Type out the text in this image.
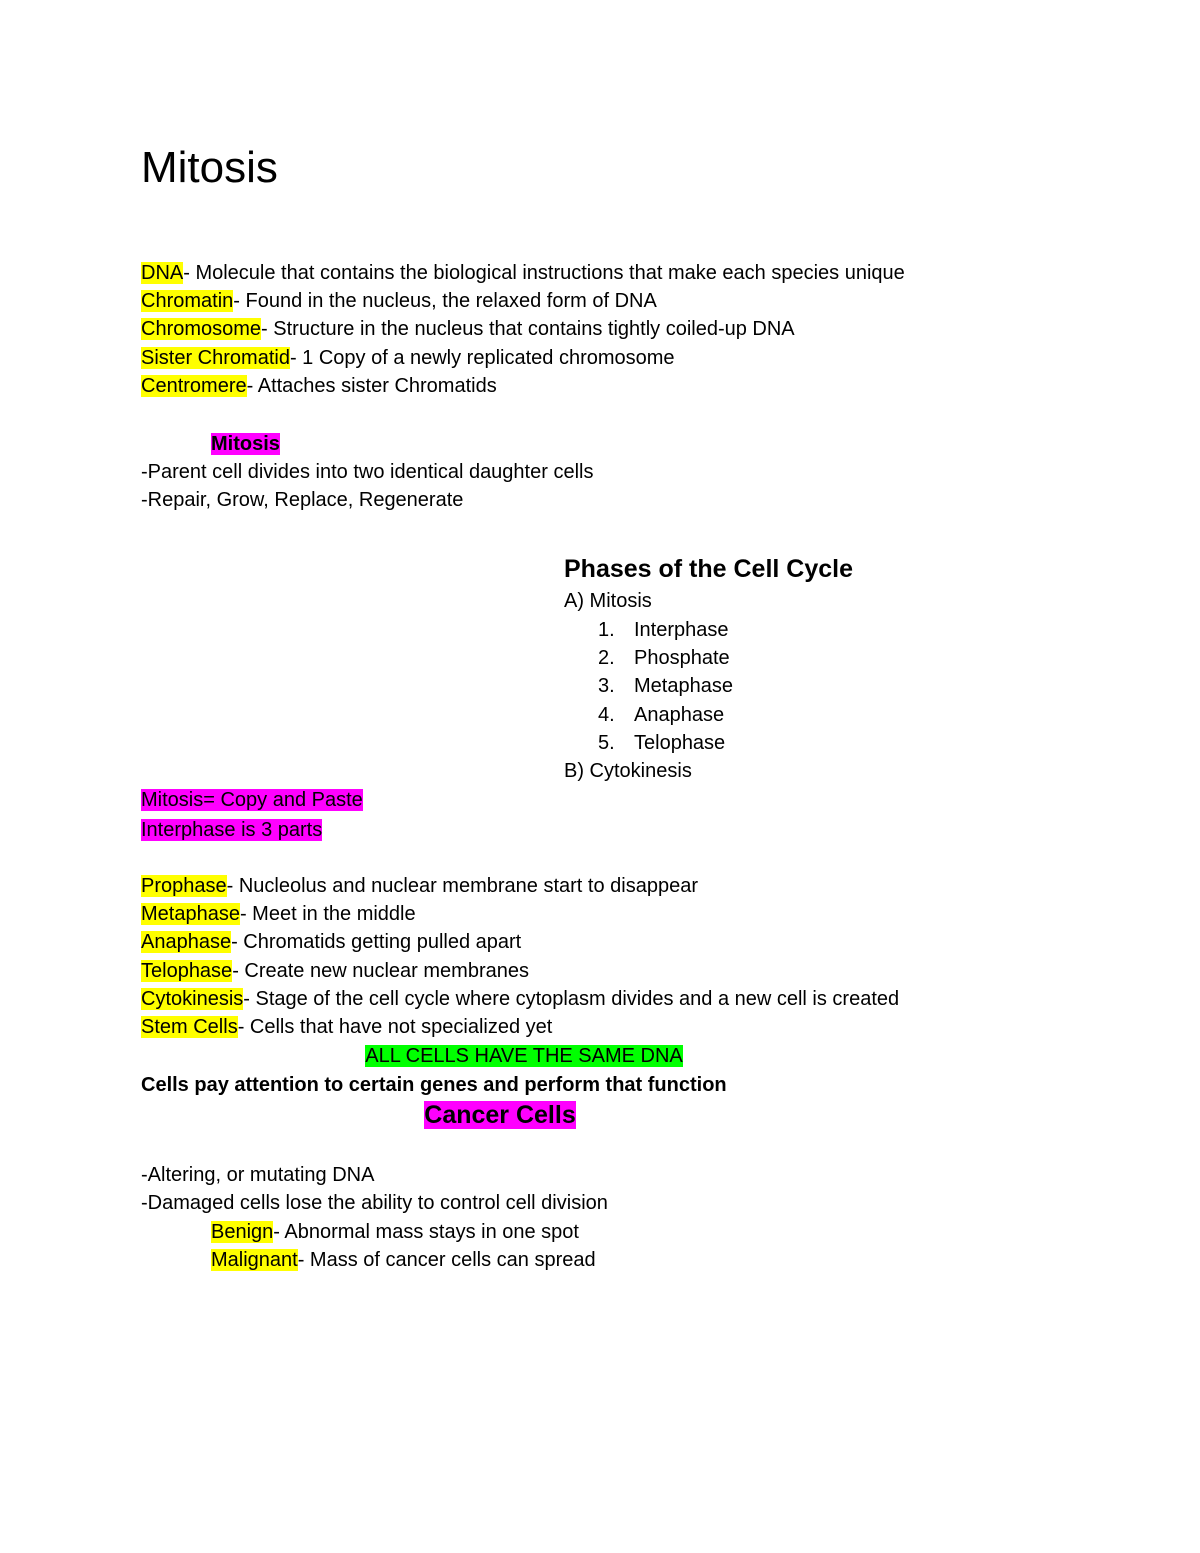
Mitosis

DNA- Molecule that contains the biological instructions that make each species unique

Chromatin- Found in the nucleus, the relaxed form of DNA

Chromosome- Structure in the nucleus that contains tightly coiled-up DNA

Sister Chromatid- 1 Copy of a newly replicated chromosome

Centromere- Attaches sister Chromatids

Mitosis

-Parent cell divides into two identical daughter cells

-Repair, Grow, Replace, Regenerate

Phases of the Cell Cycle

A) Mitosis

1. Interphase
2. Phosphate
3. Metaphase
4. Anaphase
5. Telophase

B) Cytokinesis

Mitosis= Copy and Paste

Interphase is 3 parts

Prophase- Nucleolus and nuclear membrane start to disappear

Metaphase- Meet in the middle

Anaphase- Chromatids getting pulled apart

Telophase- Create new nuclear membranes

Cytokinesis- Stage of the cell cycle where cytoplasm divides and a new cell is created

Stem Cells- Cells that have not specialized yet

ALL CELLS HAVE THE SAME DNA

Cells pay attention to certain genes and perform that function

Cancer Cells

-Altering, or mutating DNA

-Damaged cells lose the ability to control cell division

Benign- Abnormal mass stays in one spot

Malignant- Mass of cancer cells can spread
